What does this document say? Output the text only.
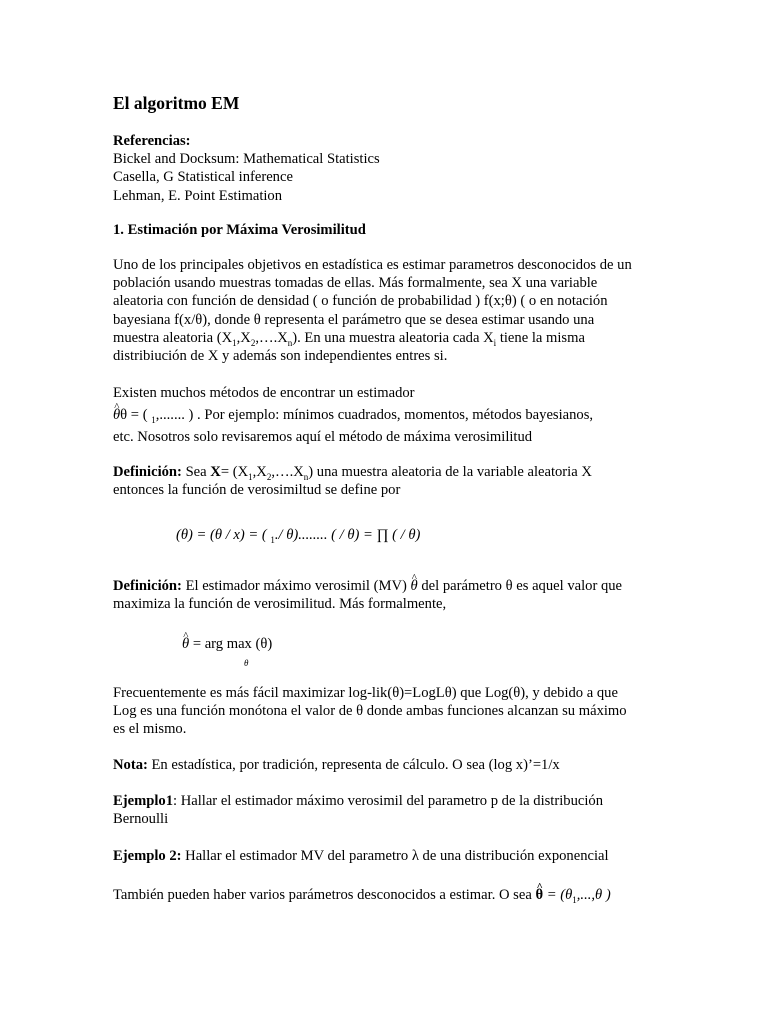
El algoritmo EM
Referencias:
Bickel and Docksum: Mathematical Statistics
Casella, G Statistical inference
Lehman, E. Point Estimation
1. Estimación por Máxima Verosimilitud
Uno de los principales objetivos en estadística es estimar parametros desconocidos de un
población usando muestras tomadas de ellas. Más formalmente, sea X una variable
aleatoria con función de densidad ( o función de probabilidad ) f(x;θ) ( o en notación
bayesiana f(x/θ), donde θ representa el parámetro que se desea estimar usando una
muestra aleatoria $(X_1,X_2,\dots.X_n)$. En una muestra aleatoria cada $X_i$ tiene la misma
distribiución de X y además son independientes entres si.
Existen muchos métodos de encontrar un estimador
^ θθ = ( $_1$,....... ) . Por ejemplo: mínimos cuadrados, momentos, métodos bayesianos,
etc. Nosotros solo revisaremos aquí el método de máxima verosimilitud
Definición: Sea $X= (X_1,X_2,\dots.X_n)$ una muestra aleatoria de la variable aleatoria X
entonces la función de verosimiltud se define por
(θ) = (θ / x) = ( $_1$./ θ)........ ( / θ) = ∏ ( / θ)
Definición: El estimador máximo verosimil (MV) ^ θ del parámetro θ es aquel valor que
maximiza la función de verosimilitud. Más formalmente,
^ θ = arg max (θ)
θ
Frecuentemente es más fácil maximizar log-lik(θ)=LogLθ) que Log(θ), y debido a que
Log es una función monótona el valor de θ donde ambas funciones alcanzan su máximo
es el mismo.
Nota: En estadística, por tradición, representa de cálculo. O sea (log x)’=1/x
Ejemplo1: Hallar el estimador máximo verosimil del parametro p de la distribución
Bernoulli
Ejemplo 2: Hallar el estimador MV del parametro λ de una distribución exponencial
También pueden haber varios parámetros desconocidos a estimar. O sea ^ $\theta = (\theta_1,...,\theta$ )
